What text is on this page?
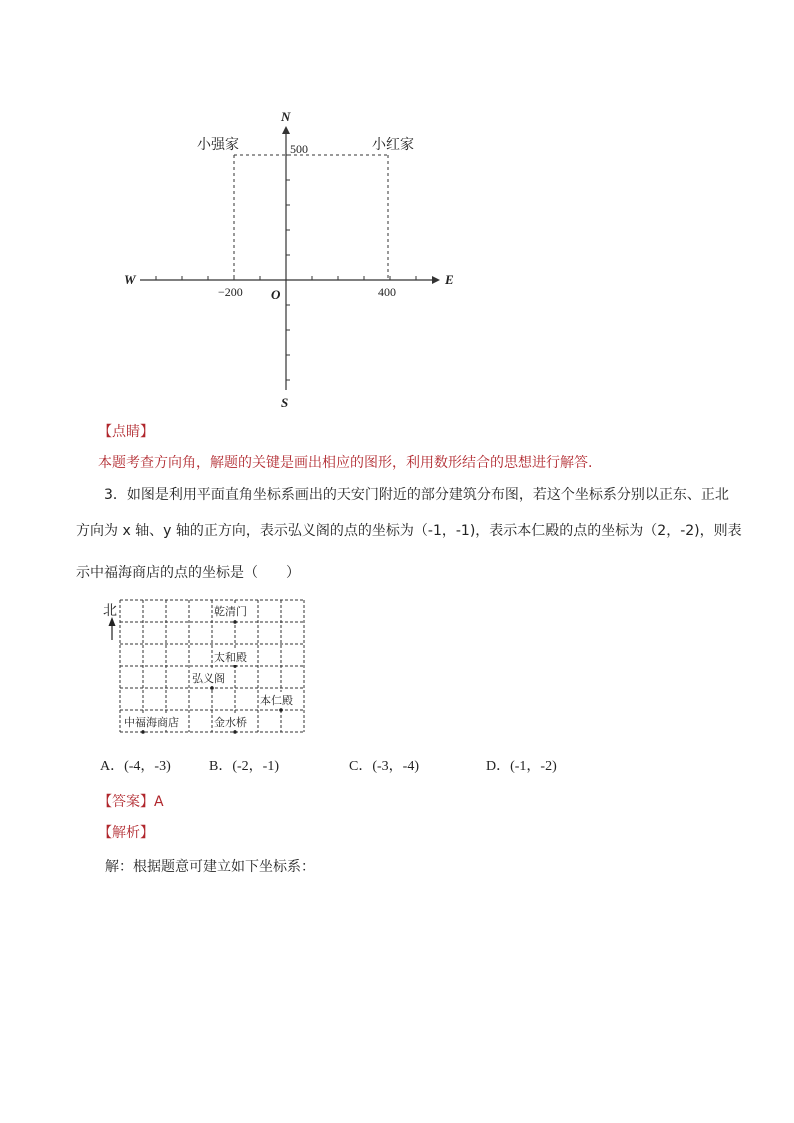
N
S
W	E
O
−200	400
500
小强家	小红家
【点睛】
本题考查方向角，解题的关键是画出相应的图形，利用数形结合的思想进行解答.
3．如图是利用平面直角坐标系画出的天安门附近的部分建筑分布图，若这个坐标系分别以正东、正北
方向为 x 轴、y 轴的正方向，表示弘义阁的点的坐标为（-1，-1)，表示本仁殿的点的坐标为（2，-2)，则表
示中福海商店的点的坐标是（　　）
北	乾清门
太和殿
弘义阁
本仁殿
中福海商店	金水桥
A．(-4，-3)	B．(-2，-1)	C．(-3，-4)	D．(-1，-2)
【答案】A
【解析】
解：根据题意可建立如下坐标系：
